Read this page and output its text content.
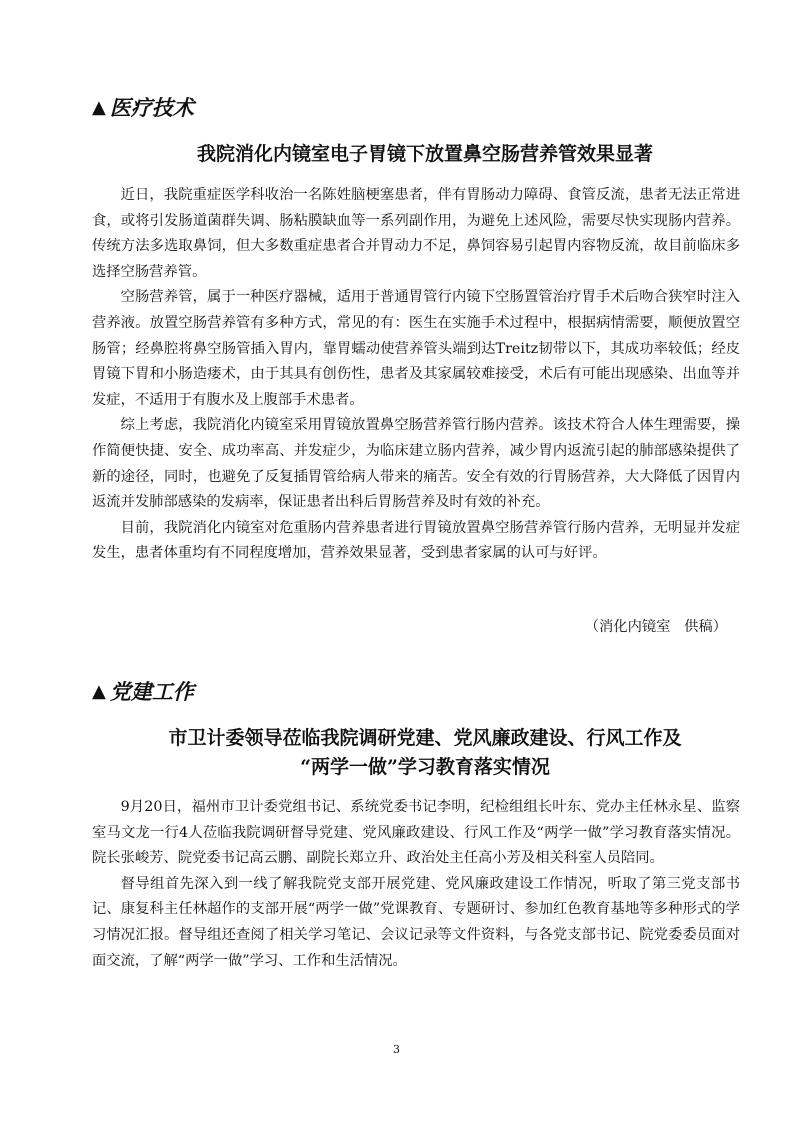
▲ 医疗技术
我院消化内镜室电子胃镜下放置鼻空肠营养管效果显著

近日，我院重症医学科收治一名陈姓脑梗塞患者，伴有胃肠动力障碍、食管反流，患者无法正常进食，或将引发肠道菌群失调、肠粘膜缺血等一系列副作用，为避免上述风险，需要尽快实现肠内营养。传统方法多选取鼻饲，但大多数重症患者合并胃动力不足，鼻饲容易引起胃内容物反流，故目前临床多选择空肠营养管。

空肠营养管，属于一种医疗器械，适用于普通胃管行内镜下空肠置管治疗胃手术后吻合狭窄时注入营养液。放置空肠营养管有多种方式，常见的有：医生在实施手术过程中，根据病情需要，顺便放置空肠管；经鼻腔将鼻空肠管插入胃内，靠胃蠕动使营养管头端到达Treitz韧带以下，其成功率较低；经皮胃镜下胃和小肠造瘘术，由于其具有创伤性，患者及其家属较难接受，术后有可能出现感染、出血等并发症，不适用于有腹水及上腹部手术患者。

综上考虑，我院消化内镜室采用胃镜放置鼻空肠营养管行肠内营养。该技术符合人体生理需要，操作简便快捷、安全、成功率高、并发症少，为临床建立肠内营养，减少胃内返流引起的肺部感染提供了新的途径，同时，也避免了反复插胃管给病人带来的痛苦。安全有效的行胃肠营养，大大降低了因胃内返流并发肺部感染的发病率，保证患者出科后胃肠营养及时有效的补充。

目前，我院消化内镜室对危重肠内营养患者进行胃镜放置鼻空肠营养管行肠内营养，无明显并发症发生，患者体重均有不同程度增加，营养效果显著，受到患者家属的认可与好评。

（消化内镜室   供稿）
▲ 党建工作
市卫计委领导莅临我院调研党建、党风廉政建设、行风工作及
“两学一做”学习教育落实情况

9月20日，福州市卫计委党组书记、系统党委书记李明，纪检组组长叶东、党办主任林永星、监察室马文龙一行4人莅临我院调研督导党建、党风廉政建设、行风工作及“两学一做”学习教育落实情况。院长张峻芳、院党委书记高云鹏、副院长郑立升、政治处主任高小芳及相关科室人员陪同。

督导组首先深入到一线了解我院党支部开展党建、党风廉政建设工作情况，听取了第三党支部书记、康复科主任林超作的支部开展“两学一做”党课教育、专题研讨、参加红色教育基地等多种形式的学习情况汇报。督导组还查阅了相关学习笔记、会议记录等文件资料，与各党支部书记、院党委委员面对面交流，了解“两学一做”学习、工作和生活情况。

3
